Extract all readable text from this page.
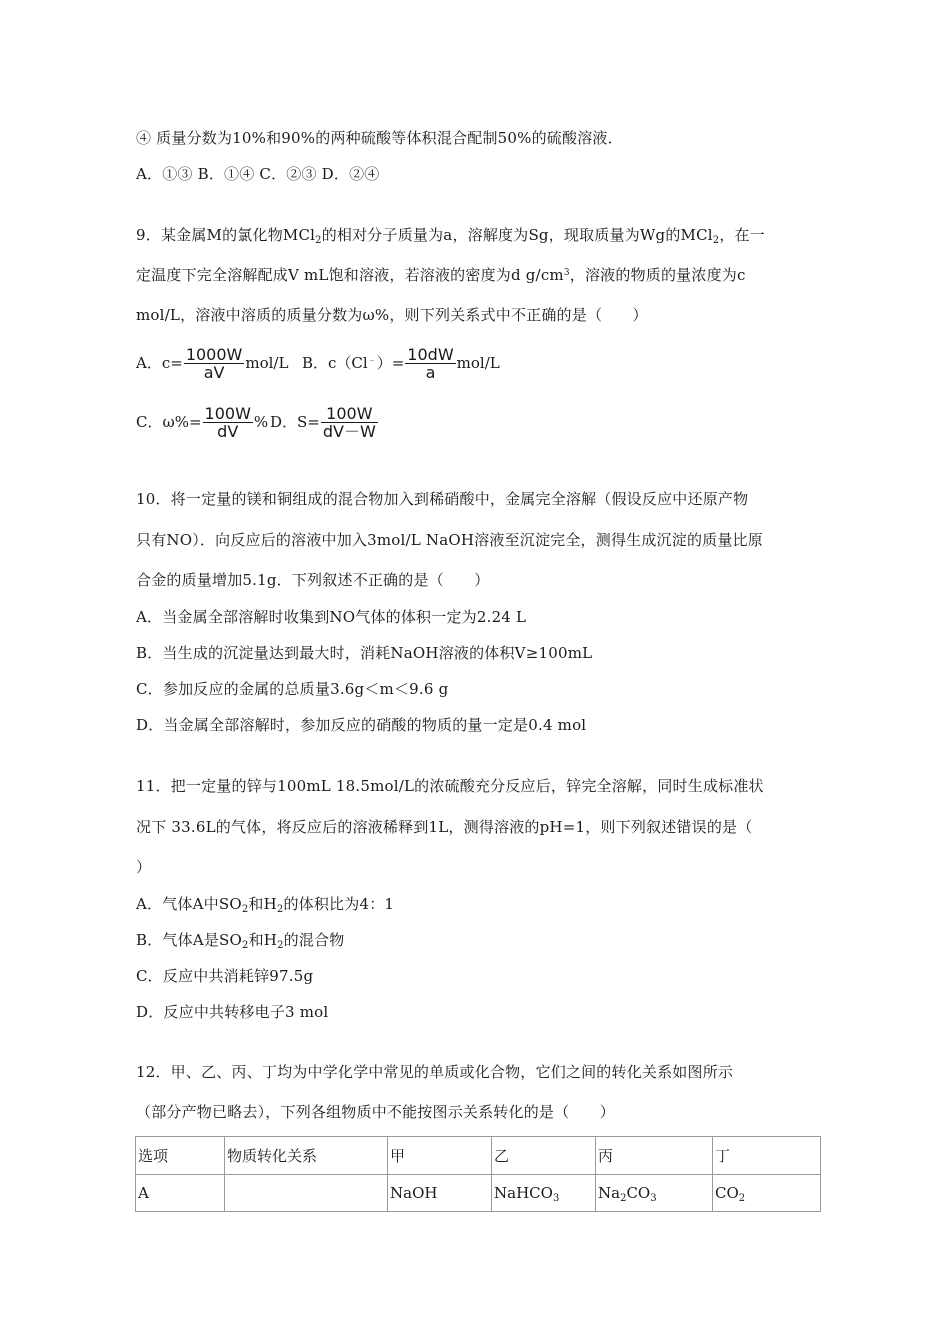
④ 质量分数为10%和90%的两种硫酸等体积混合配制50%的硫酸溶液．
A．①③ B．①④ C．②③ D．②④
9．某金属M的氯化物MCl$_2$的相对分子质量为a，溶解度为Sg，现取质量为Wg的MCl$_2$，在一
定温度下完全溶解配成V mL饱和溶液，若溶液的密度为d $g/cm^3$，溶液的物质的量浓度为c
mol/L，溶液中溶质的质量分数为ω%，则下列关系式中不正确的是（　　）
A．$c= \frac{1000W}{aV} mol/L$ B．$c(Cl^﹣)= \frac{10dW}{a} mol/L$
C．$\omega\%= \frac{100W}{dV}$ % D．$S= \frac{100W}{dV-W}$
10．将一定量的镁和铜组成的混合物加入到稀硝酸中，金属完全溶解（假设反应中还原产物
只有NO）．向反应后的溶液中加入3mol/L NaOH溶液至沉淀完全，测得生成沉淀的质量比原
合金的质量增加5.1g．下列叙述不正确的是（　　）
A．当金属全部溶解时收集到NO气体的体积一定为2.24 L
B．当生成的沉淀量达到最大时，消耗NaOH溶液的体积V≥100mL
C．参加反应的金属的总质量3.6g＜m＜9.6 g
D．当金属全部溶解时，参加反应的硝酸的物质的量一定是0.4 mol
11．把一定量的锌与100mL 18.5mol/L的浓硫酸充分反应后，锌完全溶解，同时生成标准状
况下 33.6L的气体，将反应后的溶液稀释到1L，测得溶液的pH=1，则下列叙述错误的是（
）
A．气体A中$SO_2$和$H_2$的体积比为4：1
B．气体A是$SO_2$和$H_2$的混合物
C．反应中共消耗锌97.5g
D．反应中共转移电子3 mol
12．甲、乙、丙、丁均为中学化学中常见的单质或化合物，它们之间的转化关系如图所示
（部分产物已略去），下列各组物质中不能按图示关系转化的是（　　）
选项	物质转化关系	甲	乙	丙	丁
A		NaOH	NaHCO$_3$	$Na_2CO_3$	$CO_2$
